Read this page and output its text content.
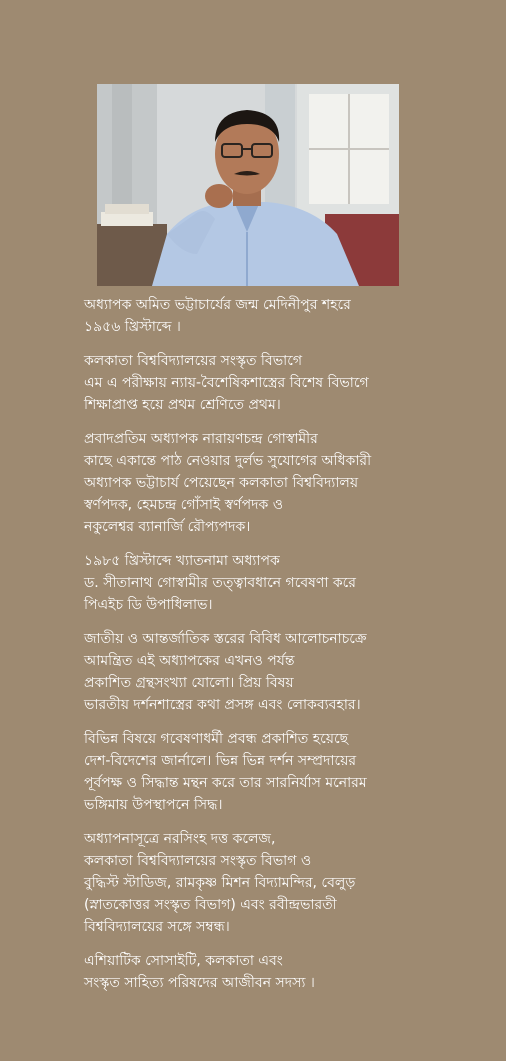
অধ্যাপক অমিত ভট্টাচার্যের জন্ম মেদিনীপুর শহরে
১৯৫৬ খ্রিস্টাব্দে ।
কলকাতা বিশ্ববিদ্যালয়ের সংস্কৃত বিভাগে
এম এ পরীক্ষায় ন্যায়-বৈশেষিকশাস্ত্রের বিশেষ বিভাগে
শিক্ষাপ্রাপ্ত হয়ে প্রথম শ্রেণিতে প্রথম।
প্রবাদপ্রতিম অধ্যাপক নারায়ণচন্দ্র গোস্বামীর
কাছে একান্তে পাঠ নেওয়ার দুর্লভ সুযোগের অধিকারী
অধ্যাপক ভট্টাচার্য পেয়েছেন কলকাতা বিশ্ববিদ্যালয়
স্বর্ণপদক, হেমচন্দ্র গোঁসাই স্বর্ণপদক ও
নকুলেশ্বর ব্যানার্জি রৌপ্যপদক।
১৯৮৫ খ্রিস্টাব্দে খ্যাতনামা অধ্যাপক
ড. সীতানাথ গোস্বামীর তত্ত্বাবধানে গবেষণা করে
পিএইচ ডি উপাধিলাভ।
জাতীয় ও আন্তর্জাতিক স্তরের বিবিধ আলোচনাচক্রে
আমন্ত্রিত এই অধ্যাপকের এখনও পর্যন্ত
প্রকাশিত গ্রন্থসংখ্যা যোলো। প্রিয় বিষয়
ভারতীয় দর্শনশাস্ত্রের কথা প্রসঙ্গ এবং লোকব্যবহার।
বিভিন্ন বিষয়ে গবেষণাধর্মী প্রবন্ধ প্রকাশিত হয়েছে
দেশ-বিদেশের জার্নালে। ভিন্ন ভিন্ন দর্শন সম্প্রদায়ের
পূর্বপক্ষ ও সিদ্ধান্ত মন্থন করে তার সারনির্যাস মনোরম
ভঙ্গিমায় উপস্থাপনে সিদ্ধ।
অধ্যাপনাসূত্রে নরসিংহ দত্ত কলেজ,
কলকাতা বিশ্ববিদ্যালয়ের সংস্কৃত বিভাগ ও
বুদ্ধিস্ট স্টাডিজ, রামকৃষ্ণ মিশন বিদ্যামন্দির, বেলুড়
(স্নাতকোত্তর সংস্কৃত বিভাগ) এবং রবীন্দ্রভারতী
বিশ্ববিদ্যালয়ের সঙ্গে সম্বন্ধ।
এশিয়াটিক সোসাইটি, কলকাতা এবং
সংস্কৃত সাহিত্য পরিষদের আজীবন সদস্য ।
